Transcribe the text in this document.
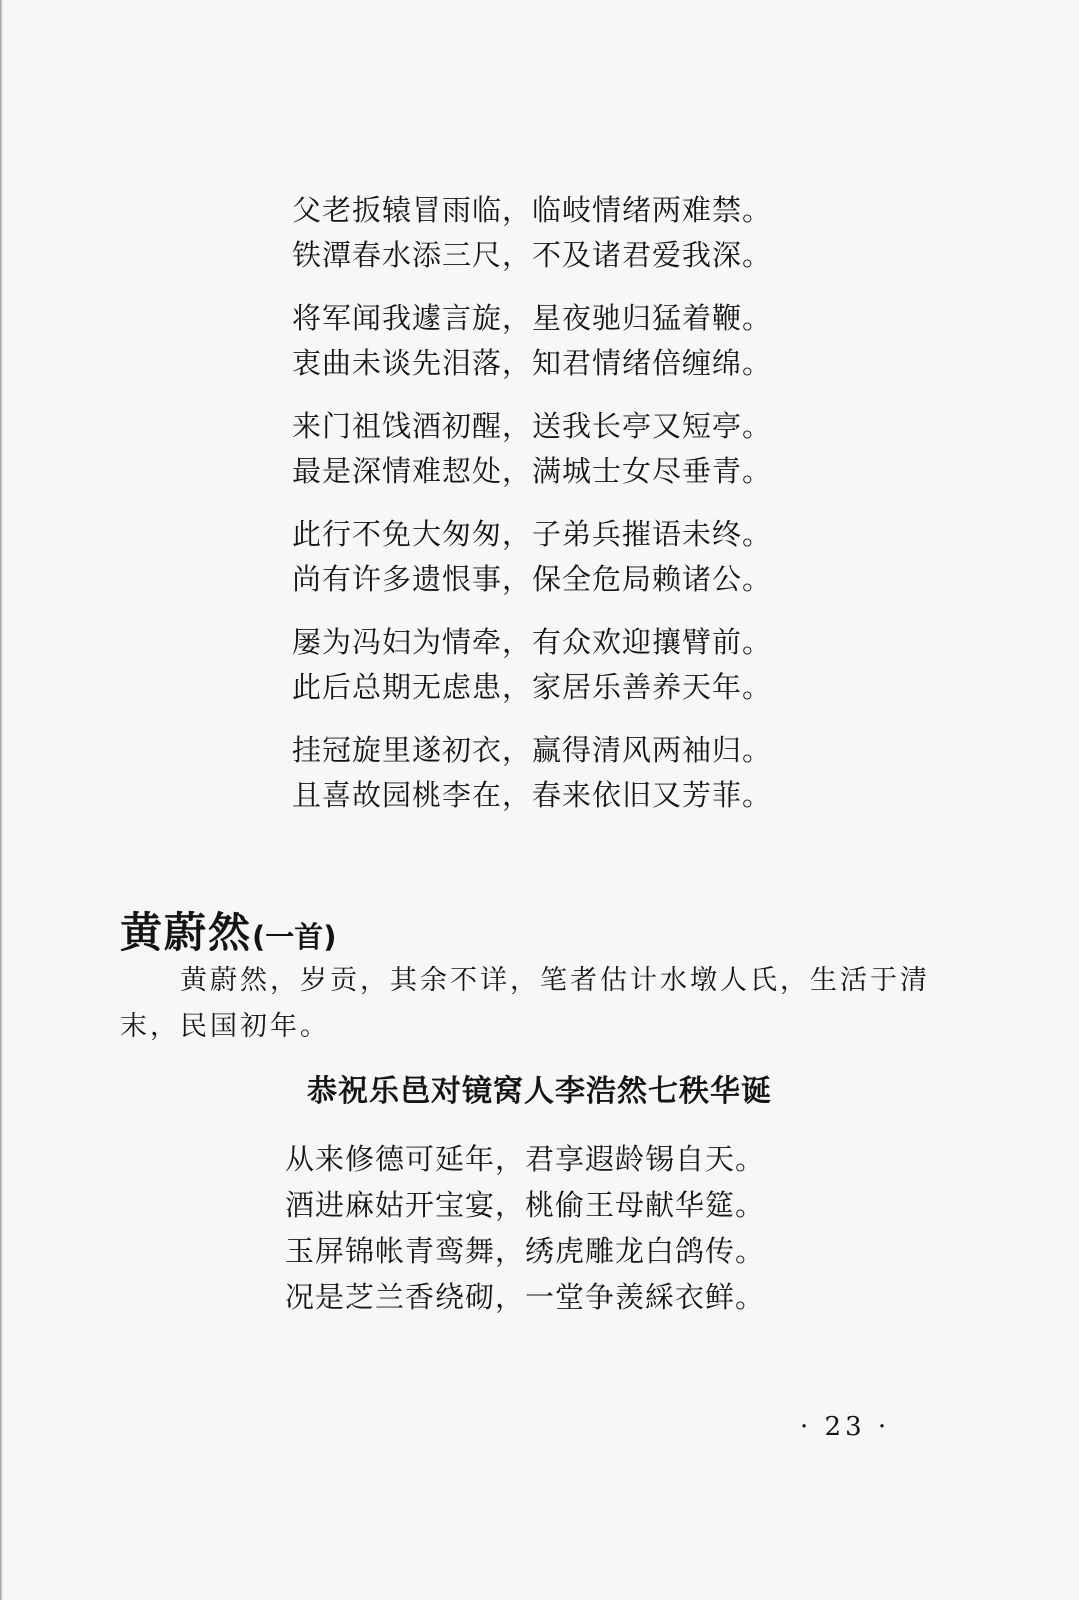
父老扳辕冒雨临，临岐情绪两难禁。
铁潭春水添三尺，不及诸君爱我深。
将军闻我遽言旋，星夜驰归猛着鞭。
衷曲未谈先泪落，知君情绪倍缠绵。
来门祖饯酒初醒，送我长亭又短亭。
最是深情难恝处，满城士女尽垂青。
此行不免大匆匆，子弟兵摧语未终。
尚有许多遗恨事，保全危局赖诸公。
屡为冯妇为情牵，有众欢迎攘臂前。
此后总期无虑患，家居乐善养天年。
挂冠旋里遂初衣，赢得清风两袖归。
且喜故园桃李在，春来依旧又芳菲。
黄蔚然(一首)
黄蔚然，岁贡，其余不详，笔者估计水墩人氏，生活于清末，民国初年。
恭祝乐邑对镜窝人李浩然七秩华诞
从来修德可延年，君享遐龄锡自天。
酒进麻姑开宝宴，桃偷王母献华筵。
玉屏锦帐青鸾舞，绣虎雕龙白鸽传。
况是芝兰香绕砌，一堂争羡綵衣鲜。
· 23 ·
